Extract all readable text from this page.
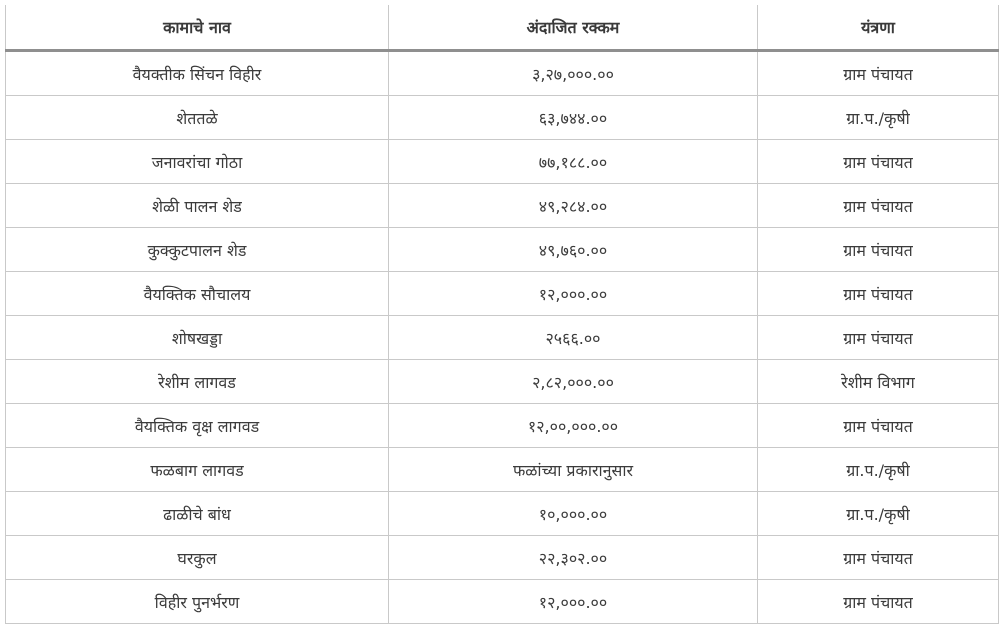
कामाचे नाव	अंदाजित रक्कम	यंत्रणा
वैयक्तीक सिंचन विहीर	३,२७,०००.००	ग्राम पंचायत
शेततळे	६३,७४४.००	ग्रा.प./कृषी
जनावरांचा गोठा	७७,१८८.००	ग्राम पंचायत
शेळी पालन शेड	४९,२८४.००	ग्राम पंचायत
कुक्कुटपालन शेड	४९,७६०.००	ग्राम पंचायत
वैयक्तिक सौचालय	१२,०००.००	ग्राम पंचायत
शोषखड्डा	२५६६.००	ग्राम पंचायत
रेशीम लागवड	२,८२,०००.००	रेशीम विभाग
वैयक्तिक वृक्ष लागवड	१२,००,०००.००	ग्राम पंचायत
फळबाग लागवड	फळांच्या प्रकारानुसार	ग्रा.प./कृषी
ढाळीचे बांध	१०,०००.००	ग्रा.प./कृषी
घरकुल	२२,३०२.००	ग्राम पंचायत
विहीर पुनर्भरण	१२,०००.००	ग्राम पंचायत
